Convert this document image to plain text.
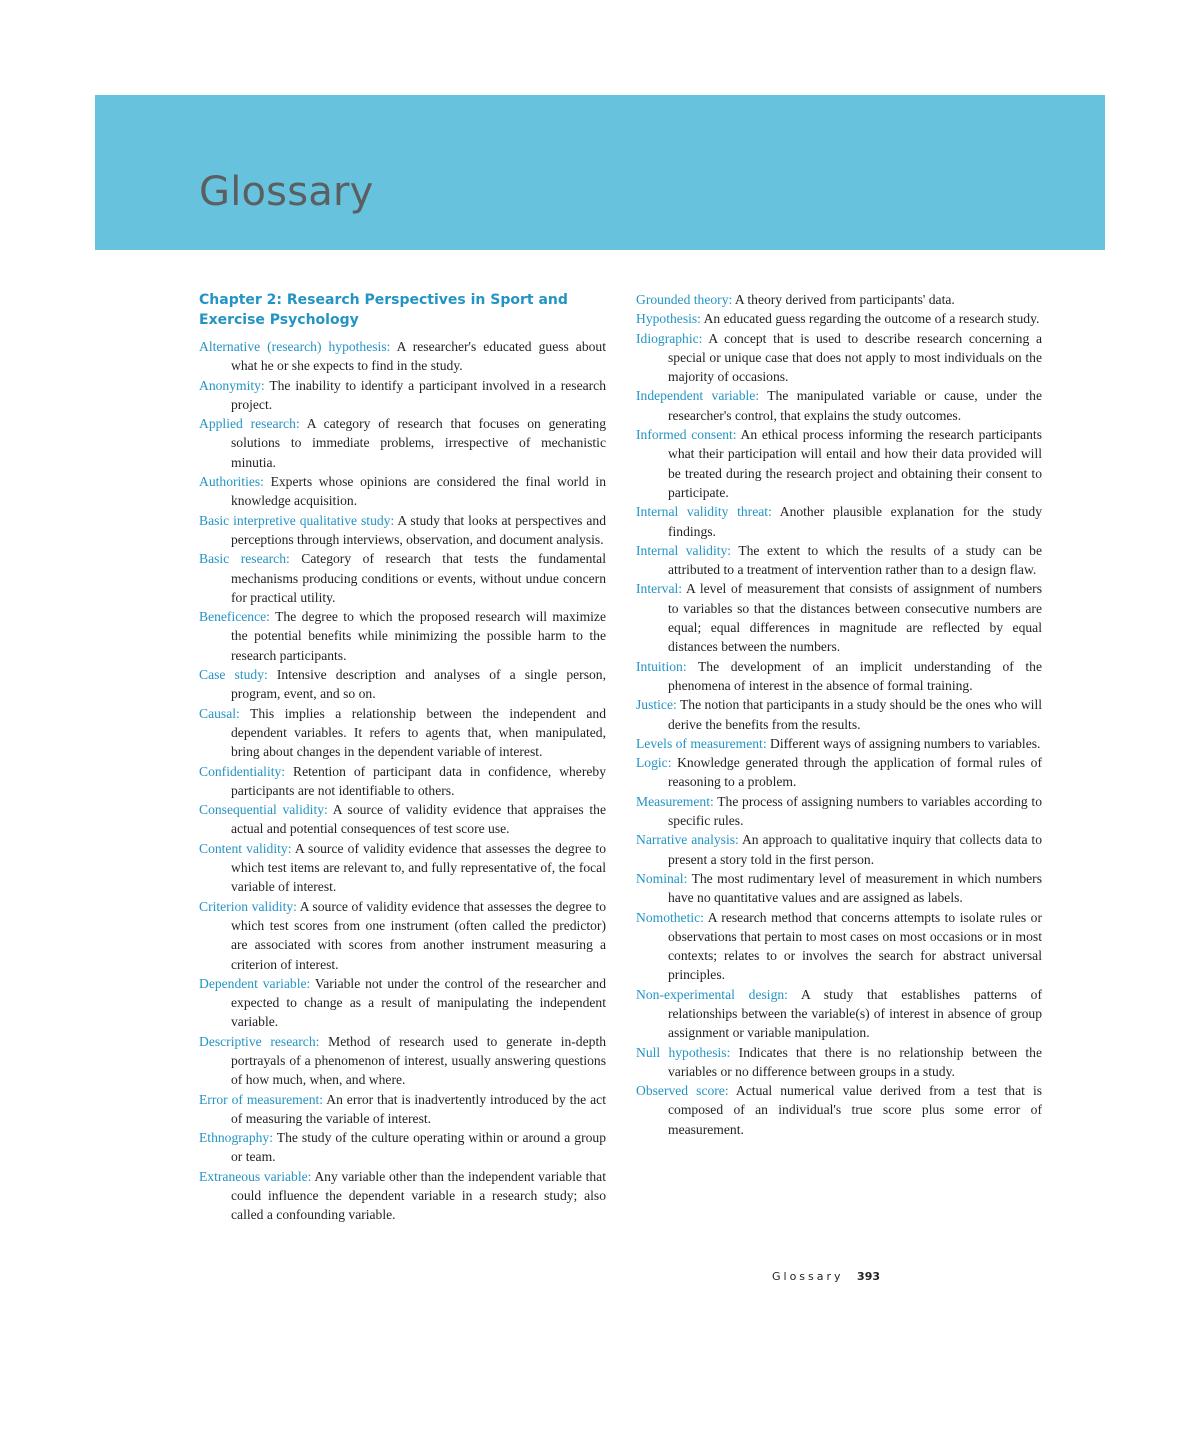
Glossary
Chapter 2: Research Perspectives in Sport and Exercise Psychology

Alternative (research) hypothesis: A researcher's educated guess about what he or she expects to find in the study.

Anonymity: The inability to identify a participant involved in a research project.

Applied research: A category of research that focuses on generating solutions to immediate problems, irrespective of mechanistic minutia.

Authorities: Experts whose opinions are considered the final world in knowledge acquisition.

Basic interpretive qualitative study: A study that looks at perspectives and perceptions through interviews, observation, and document analysis.

Basic research: Category of research that tests the fundamental mechanisms producing conditions or events, without undue concern for practical utility.

Beneficence: The degree to which the proposed research will maximize the potential benefits while minimizing the possible harm to the research participants.

Case study: Intensive description and analyses of a single person, program, event, and so on.

Causal: This implies a relationship between the independent and dependent variables. It refers to agents that, when manipulated, bring about changes in the dependent variable of interest.

Confidentiality: Retention of participant data in confidence, whereby participants are not identifiable to others.

Consequential validity: A source of validity evidence that appraises the actual and potential consequences of test score use.

Content validity: A source of validity evidence that assesses the degree to which test items are relevant to, and fully representative of, the focal variable of interest.

Criterion validity: A source of validity evidence that assesses the degree to which test scores from one instrument (often called the predictor) are associated with scores from another instrument measuring a criterion of interest.

Dependent variable: Variable not under the control of the researcher and expected to change as a result of manipulating the independent variable.

Descriptive research: Method of research used to generate in-depth portrayals of a phenomenon of interest, usually answering questions of how much, when, and where.

Error of measurement: An error that is inadvertently introduced by the act of measuring the variable of interest.

Ethnography: The study of the culture operating within or around a group or team.

Extraneous variable: Any variable other than the independent variable that could influence the dependent variable in a research study; also called a confounding variable.

Grounded theory: A theory derived from participants' data.

Hypothesis: An educated guess regarding the outcome of a research study.

Idiographic: A concept that is used to describe research concerning a special or unique case that does not apply to most individuals on the majority of occasions.

Independent variable: The manipulated variable or cause, under the researcher's control, that explains the study outcomes.

Informed consent: An ethical process informing the research participants what their participation will entail and how their data provided will be treated during the research project and obtaining their consent to participate.

Internal validity threat: Another plausible explanation for the study findings.

Internal validity: The extent to which the results of a study can be attributed to a treatment of intervention rather than to a design flaw.

Interval: A level of measurement that consists of assignment of numbers to variables so that the distances between consecutive numbers are equal; equal differences in magnitude are reflected by equal distances between the numbers.

Intuition: The development of an implicit understanding of the phenomena of interest in the absence of formal training.

Justice: The notion that participants in a study should be the ones who will derive the benefits from the results.

Levels of measurement: Different ways of assigning numbers to variables.

Logic: Knowledge generated through the application of formal rules of reasoning to a problem.

Measurement: The process of assigning numbers to variables according to specific rules.

Narrative analysis: An approach to qualitative inquiry that collects data to present a story told in the first person.

Nominal: The most rudimentary level of measurement in which numbers have no quantitative values and are assigned as labels.

Nomothetic: A research method that concerns attempts to isolate rules or observations that pertain to most cases on most occasions or in most contexts; relates to or involves the search for abstract universal principles.

Non-experimental design: A study that establishes patterns of relationships between the variable(s) of interest in absence of group assignment or variable manipulation.

Null hypothesis: Indicates that there is no relationship between the variables or no difference between groups in a study.

Observed score: Actual numerical value derived from a test that is composed of an individual's true score plus some error of measurement.

Glossary 393
